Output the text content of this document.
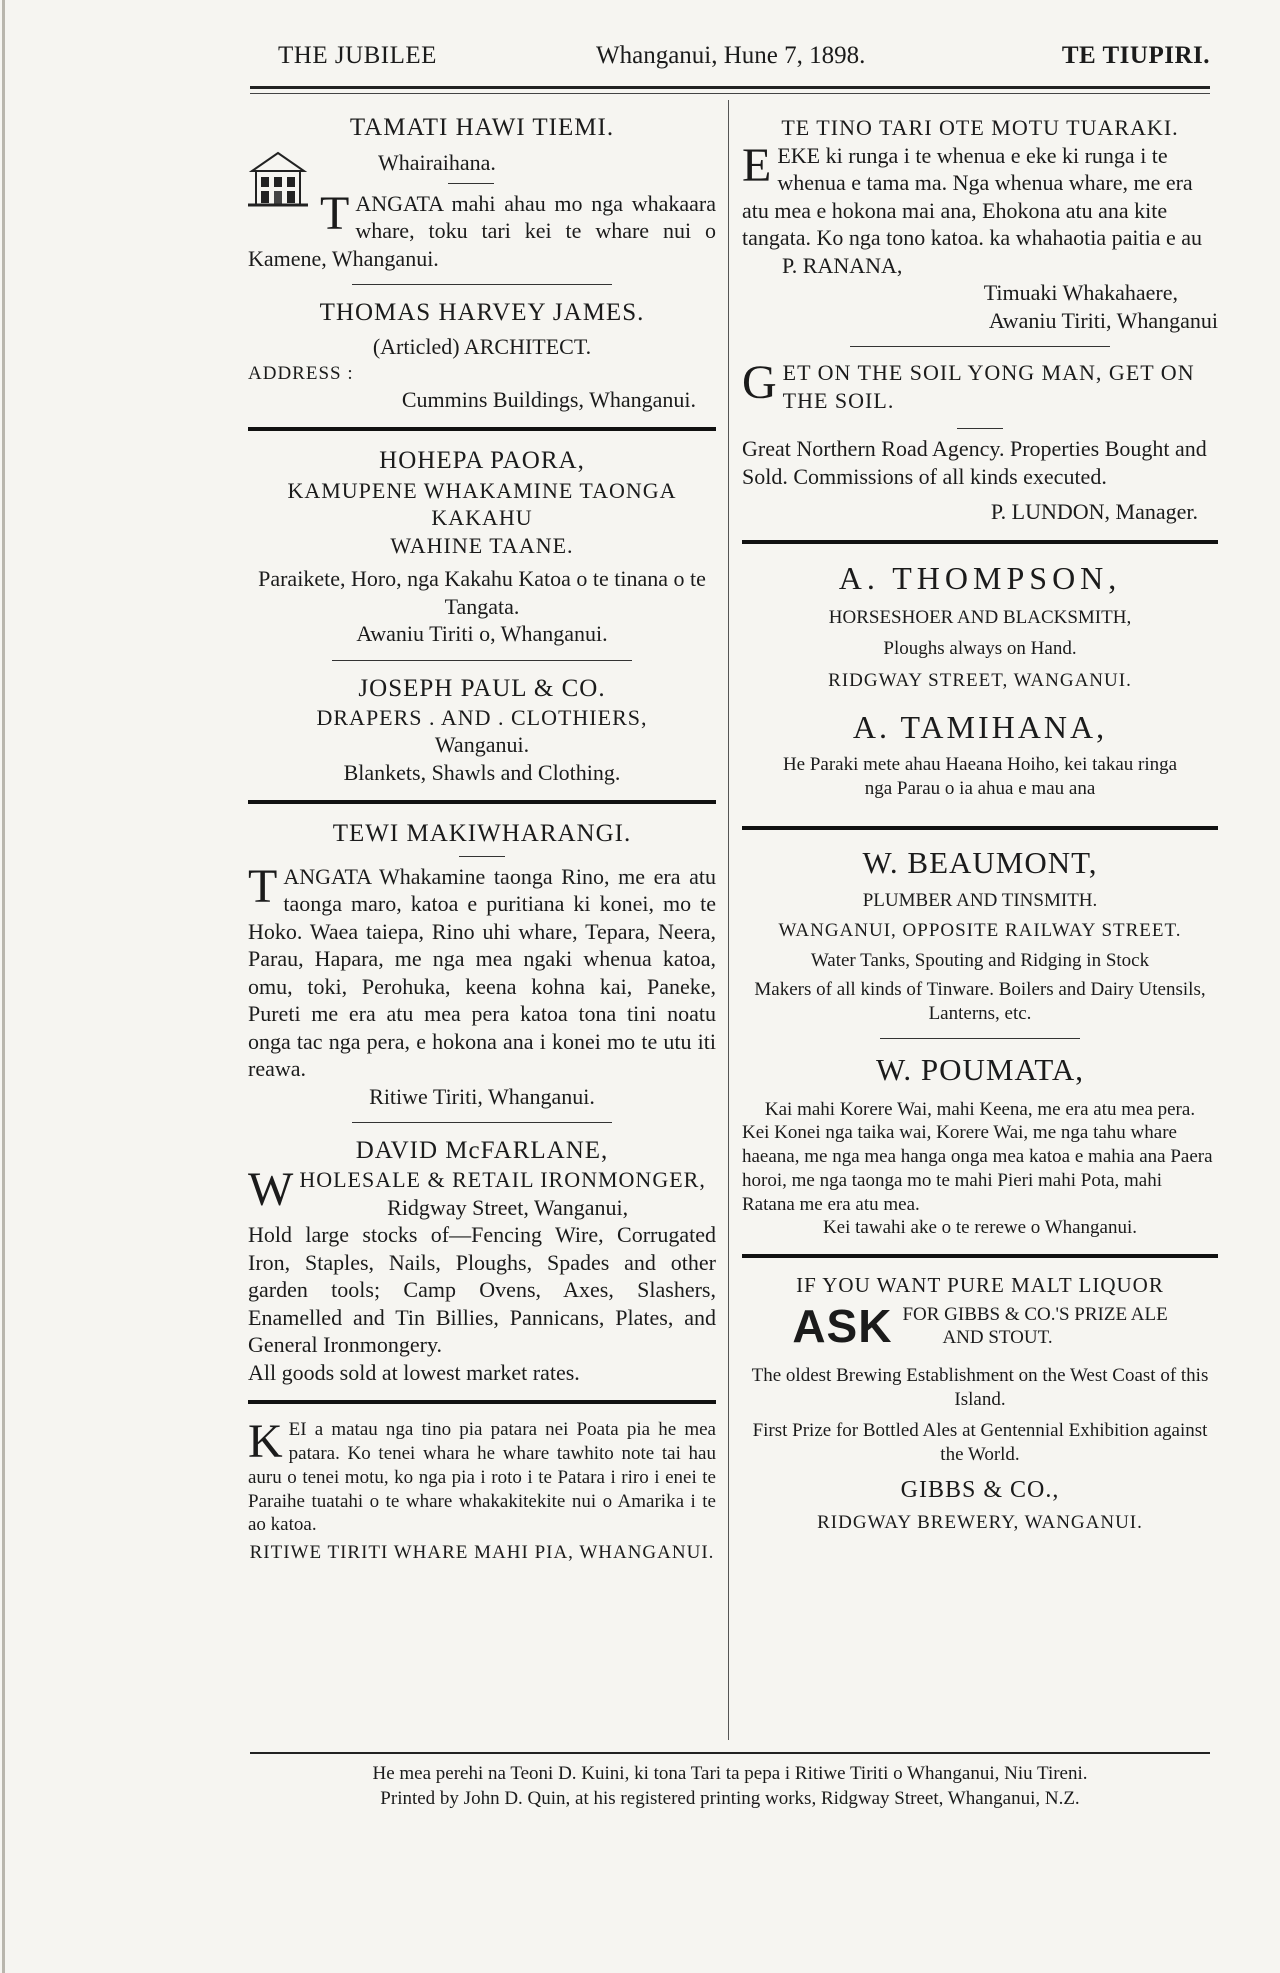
THE JUBILEE	Whanganui, Hune 7, 1898.	TE TIUPIRI.
TAMATI HAWI TIEMI.
Whairaihana.
T ANGATA mahi ahau mo nga whakaara whare, toku tari kei te whare nui o Kamene, Whanganui.
THOMAS HARVEY JAMES.
(Articled) ARCHITECT.
ADDRESS :
Cummins Buildings, Whanganui.
HOHEPA PAORA,
KAMUPENE WHAKAMINE TAONGA KAKAHU
WAHINE TAANE.
Paraikete, Horo, nga Kakahu Katoa o te tinana o te Tangata.
Awaniu Tiriti o, Whanganui.
JOSEPH PAUL & CO.
DRAPERS . AND . CLOTHIERS,
Wanganui.
Blankets, Shawls and Clothing.
TEWI MAKIWHARANGI.
T ANGATA Whakamine taonga Rino, me era atu taonga maro, katoa e puritiana ki konei, mo te Hoko. Waea taiepa, Rino uhi whare, Tepara, Neera, Parau, Hapara, me nga mea ngaki whenua katoa, omu, toki, Perohuka, keena kohna kai, Paneke, Pureti me era atu mea pera katoa tona tini noatu onga tac nga pera, e hokona ana i konei mo te utu iti reawa.
Ritiwe Tiriti, Whanganui.
DAVID McFARLANE,
W HOLESALE & RETAIL IRONMONGER,
Ridgway Street, Wanganui,
Hold large stocks of—Fencing Wire, Corrugated Iron, Staples, Nails, Ploughs, Spades and other garden tools; Camp Ovens, Axes, Slashers, Enamelled and Tin Billies, Pannicans, Plates, and General Ironmongery.
All goods sold at lowest market rates.
K EI a matau nga tino pia patara nei Poata pia he mea patara. Ko tenei whara he whare tawhito note tai hau auru o tenei motu, ko nga pia i roto i te Patara i riro i enei te Paraihe tuatahi o te whare whakakitekite nui o Amarika i te ao katoa.
RITIWE TIRITI WHARE MAHI PIA, WHANGANUI.
TE TINO TARI OTE MOTU TUARAKI.
E EKE ki runga i te whenua e eke ki runga i te whenua e tama ma. Nga whenua whare, me era atu mea e hokona mai ana, Ehokona atu ana kite tangata. Ko nga tono katoa. ka whahaotia paitia e au
P. RANANA,
Timuaki Whakahaere,
Awaniu Tiriti, Whanganui
G ET ON THE SOIL YONG MAN, GET ON THE SOIL.
Great Northern Road Agency. Properties Bought and Sold. Commissions of all kinds executed.
P. LUNDON, Manager.
A. THOMPSON,
HORSESHOER AND BLACKSMITH,
Ploughs always on Hand.
RIDGWAY STREET, WANGANUI.
A. TAMIHANA,
He Paraki mete ahau Haeana Hoiho, kei takau ringa nga Parau o ia ahua e mau ana
W. BEAUMONT,
PLUMBER AND TINSMITH.
WANGANUI, OPPOSITE RAILWAY STREET.
Water Tanks, Spouting and Ridging in Stock
Makers of all kinds of Tinware. Boilers and Dairy Utensils, Lanterns, etc.
W. POUMATA,
Kai mahi Korere Wai, mahi Keena, me era atu mea pera.
Kei Konei nga taika wai, Korere Wai, me nga tahu whare haeana, me nga mea hanga onga mea katoa e mahia ana Paera horoi, me nga taonga mo te mahi Pieri mahi Pota, mahi Ratana me era atu mea.
Kei tawahi ake o te rerewe o Whanganui.
IF YOU WANT PURE MALT LIQUOR
ASK FOR GIBBS & CO.'S PRIZE ALE
AND STOUT.
The oldest Brewing Establishment on the West Coast of this Island.
First Prize for Bottled Ales at Gentennial Exhibition against the World.
GIBBS & CO.,
RIDGWAY BREWERY, WANGANUI.
He mea perehi na Teoni D. Kuini, ki tona Tari ta pepa i Ritiwe Tiriti o Whanganui, Niu Tireni.
Printed by John D. Quin, at his registered printing works, Ridgway Street, Whanganui, N.Z.
